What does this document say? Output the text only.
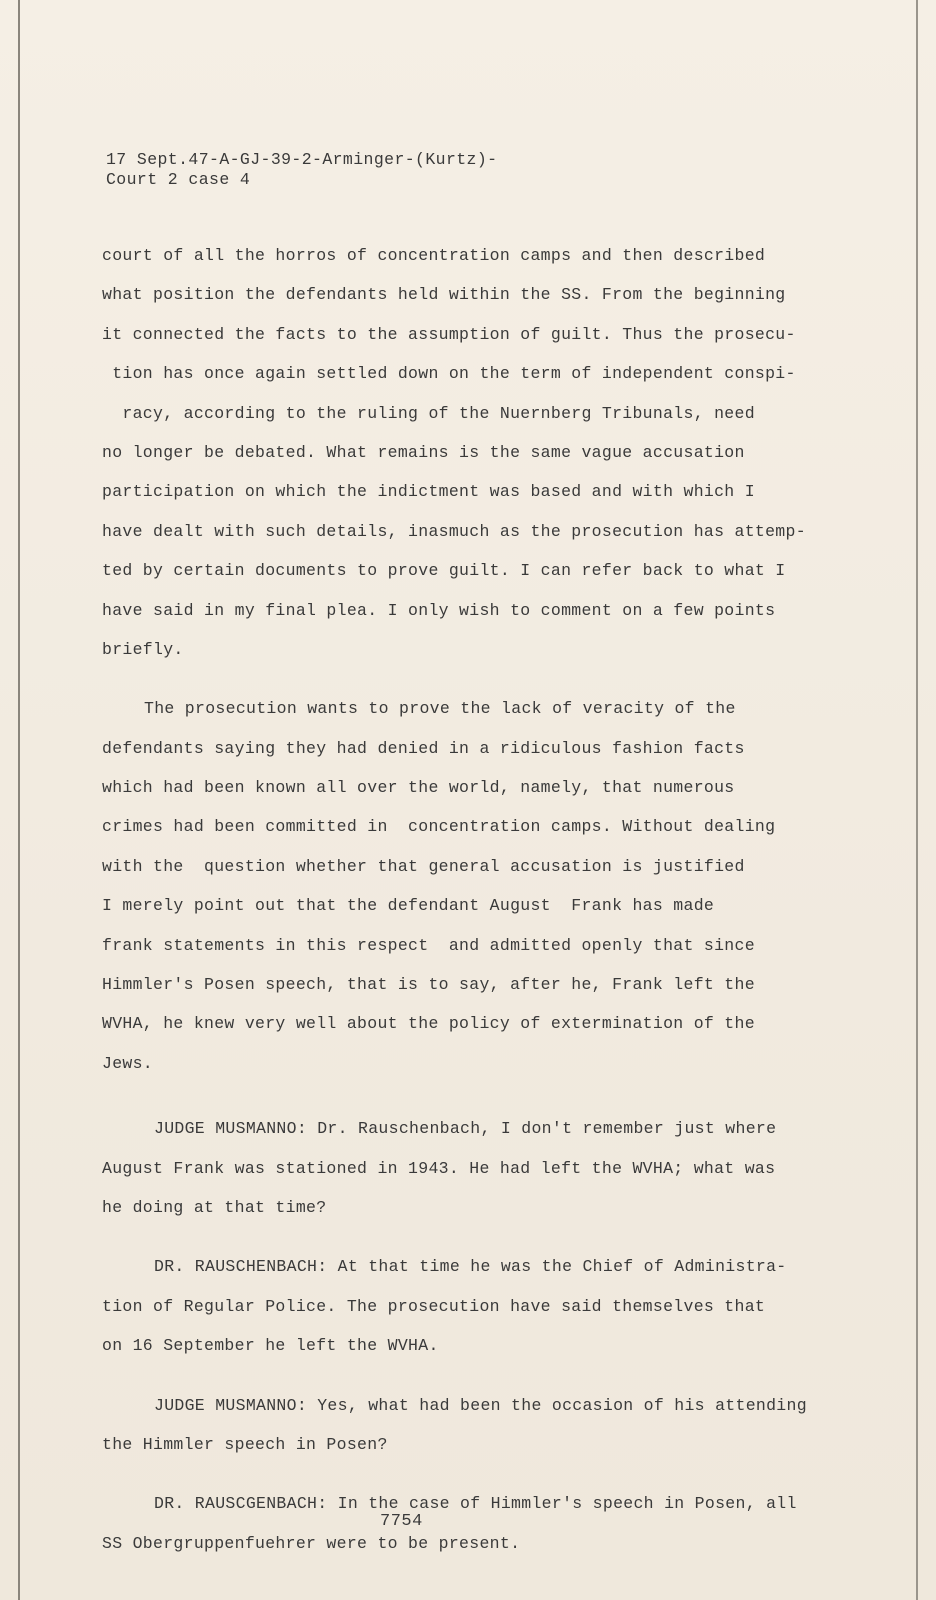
17 Sept.47-A-GJ-39-2-Arminger-(Kurtz)-
Court 2 case 4
court of all the horros of concentration camps and then described
what position the defendants held within the SS. From the beginning
it connected the facts to the assumption of guilt. Thus the prosecu-
tion has once again settled down on the term of independent conspi-
racy, according to the ruling of the Nuernberg Tribunals, need
no longer be debated. What remains is the same vague accusation
participation on which the indictment was based and with which I
have dealt with such details, inasmuch as the prosecution has attemp-
ted by certain documents to prove guilt. I can refer back to what I
have said in my final plea. I only wish to comment on a few points
briefly.
The prosecution wants to prove the lack of veracity of the
defendants saying they had denied in a ridiculous fashion facts
which had been known all over the world, namely, that numerous
crimes had been committed in  concentration camps. Without dealing
with the  question whether that general accusation is justified
I merely point out that the defendant August  Frank has made
frank statements in this respect  and admitted openly that since
Himmler's Posen speech, that is to say, after he, Frank left the
WVHA, he knew very well about the policy of extermination of the
Jews.
JUDGE MUSMANNO: Dr. Rauschenbach, I don't remember just where
August Frank was stationed in 1943. He had left the WVHA; what was
he doing at that time?
DR. RAUSCHENBACH: At that time he was the Chief of Administra-
tion of Regular Police. The prosecution have said themselves that
on 16 September he left the WVHA.
JUDGE MUSMANNO: Yes, what had been the occasion of his attending
the Himmler speech in Posen?
DR. RAUSCGENBACH: In the case of Himmler's speech in Posen, all
SS Obergruppenfuehrer were to be present.
7754
